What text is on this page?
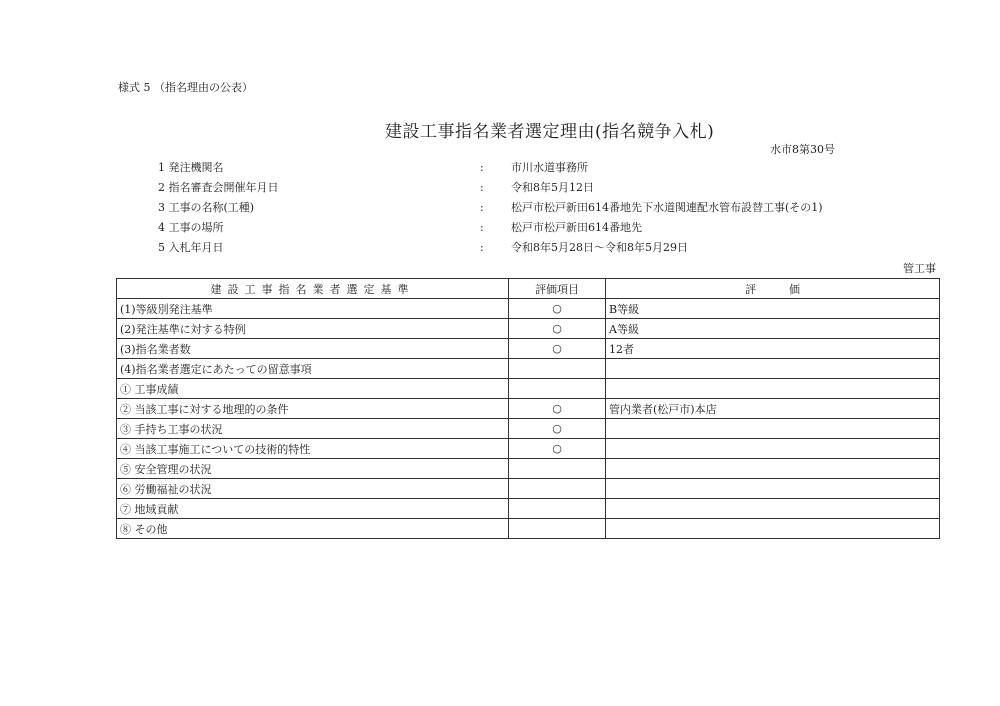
様式 5 （指名理由の公表）
建設工事指名業者選定理由(指名競争入札)
水市8第30号
1 発注機関名	: 市川水道事務所
2 指名審査会開催年月日	: 令和8年5月12日
3 工事の名称(工種)	: 松戸市松戸新田614番地先下水道関連配水管布設替工事(その1)
4 工事の場所	: 松戸市松戸新田614番地先
5 入札年月日	: 令和8年5月28日～令和8年5月29日
管工事
建設工事指名業者選定基準	評価項目	評　　　価
(1)等級別発注基準	○	B等級
(2)発注基準に対する特例	○	A等級
(3)指名業者数	○	12者
(4)指名業者選定にあたっての留意事項		
① 工事成績		
② 当該工事に対する地理的の条件	○	管内業者(松戸市)本店
③ 手持ち工事の状況	○	
④ 当該工事施工についての技術的特性	○	
⑤ 安全管理の状況		
⑥ 労働福祉の状況		
⑦ 地域貢献		
⑧ その他		
